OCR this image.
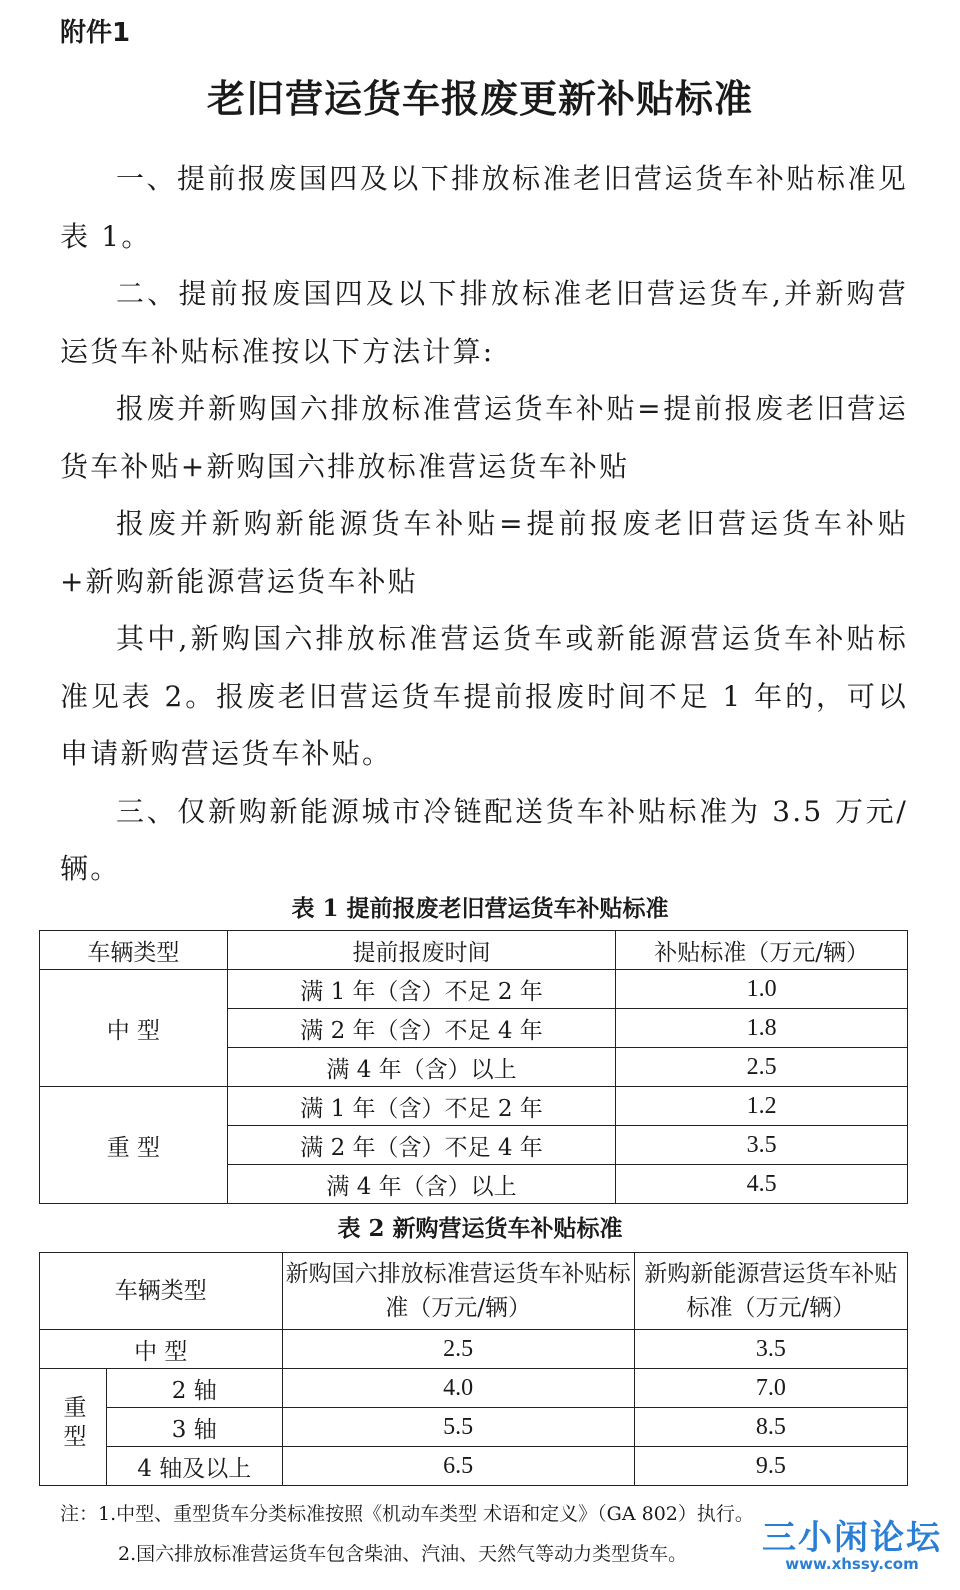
附件1
老旧营运货车报废更新补贴标准

一、提前报废国四及以下排放标准老旧营运货车补贴标准见表 1。

二、提前报废国四及以下排放标准老旧营运货车,并新购营运货车补贴标准按以下方法计算:

报废并新购国六排放标准营运货车补贴=提前报废老旧营运货车补贴+新购国六排放标准营运货车补贴

报废并新购新能源货车补贴=提前报废老旧营运货车补贴+新购新能源营运货车补贴

其中,新购国六排放标准营运货车或新能源营运货车补贴标准见表 2。报废老旧营运货车提前报废时间不足 1 年的，可以申请新购营运货车补贴。

三、仅新购新能源城市冷链配送货车补贴标准为 3.5 万元/辆。

表 1 提前报废老旧营运货车补贴标准

车辆类型	提前报废时间	补贴标准（万元/辆）
中 型	满 1 年（含）不足 2 年	1.0
	满 2 年（含）不足 4 年	1.8
	满 4 年（含）以上	2.5
重 型	满 1 年（含）不足 2 年	1.2
	满 2 年（含）不足 4 年	3.5
	满 4 年（含）以上	4.5

表 2 新购营运货车补贴标准

车辆类型		新购国六排放标准营运货车补贴标准（万元/辆）	新购新能源营运货车补贴标准（万元/辆）
中 型		2.5	3.5
重型	2 轴	4.0	7.0
	3 轴	5.5	8.5
	4 轴及以上	6.5	9.5
注：1.中型、重型货车分类标准按照《机动车类型 术语和定义》（GA 802）执行。
2.国六排放标准营运货车包含柴油、汽油、天然气等动力类型货车。	三小闲论坛
www.xhssy.com
